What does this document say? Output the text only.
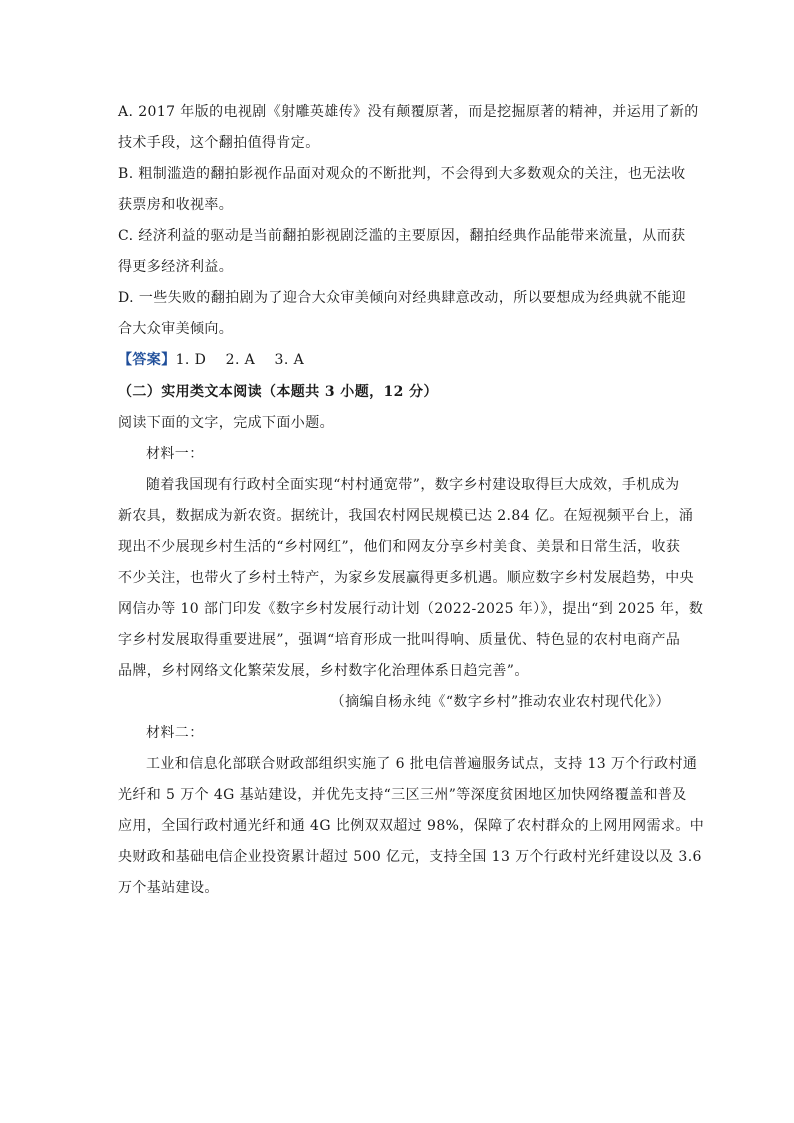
A. 2017 年版的电视剧《射雕英雄传》没有颠覆原著，而是挖掘原著的精神，并运用了新的
技术手段，这个翻拍值得肯定。
B. 粗制滥造的翻拍影视作品面对观众的不断批判，不会得到大多数观众的关注，也无法收
获票房和收视率。
C. 经济利益的驱动是当前翻拍影视剧泛滥的主要原因，翻拍经典作品能带来流量，从而获
得更多经济利益。
D. 一些失败的翻拍剧为了迎合大众审美倾向对经典肆意改动，所以要想成为经典就不能迎
合大众审美倾向。
【答案】1. D    2. A    3. A
（二）实用类文本阅读（本题共 3 小题，12 分）
阅读下面的文字，完成下面小题。
材料一：
随着我国现有行政村全面实现“村村通宽带”，数字乡村建设取得巨大成效，手机成为
新农具，数据成为新农资。据统计，我国农村网民规模已达 2.84 亿。在短视频平台上，涌
现出不少展现乡村生活的“乡村网红”，他们和网友分享乡村美食、美景和日常生活，收获
不少关注，也带火了乡村土特产，为家乡发展赢得更多机遇。顺应数字乡村发展趋势，中央
网信办等 10 部门印发《数字乡村发展行动计划（2022-2025 年）》，提出“到 2025 年，数
字乡村发展取得重要进展”，强调“培育形成一批叫得响、质量优、特色显的农村电商产品
品牌，乡村网络文化繁荣发展，乡村数字化治理体系日趋完善”。
（摘编自杨永纯《“数字乡村”推动农业农村现代化》）
材料二：
工业和信息化部联合财政部组织实施了 6 批电信普遍服务试点，支持 13 万个行政村通
光纤和 5 万个 4G 基站建设，并优先支持“三区三州”等深度贫困地区加快网络覆盖和普及
应用，全国行政村通光纤和通 4G 比例双双超过 98%，保障了农村群众的上网用网需求。中
央财政和基础电信企业投资累计超过 500 亿元，支持全国 13 万个行政村光纤建设以及 3.6
万个基站建设。
